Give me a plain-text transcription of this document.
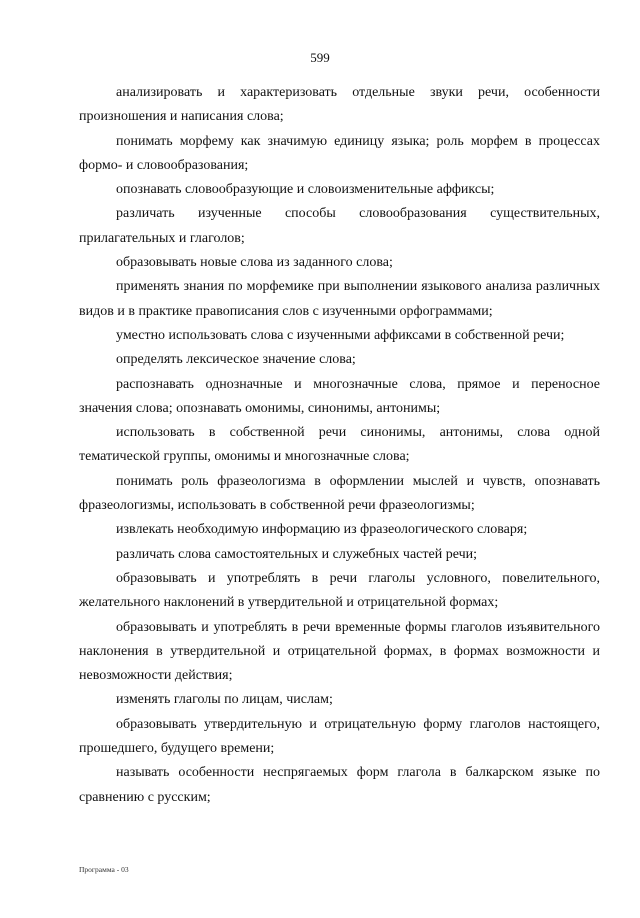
599

анализировать и характеризовать отдельные звуки речи, особенности произношения и написания слова;

понимать морфему как значимую единицу языка; роль морфем в процессах формо- и словообразования;

опознавать словообразующие и словоизменительные аффиксы;

различать изученные способы словообразования существительных, прилагательных и глаголов;

образовывать новые слова из заданного слова;

применять знания по морфемике при выполнении языкового анализа различных видов и в практике правописания слов с изученными орфограммами;

уместно использовать слова с изученными аффиксами в собственной речи;

определять лексическое значение слова;

распознавать однозначные и многозначные слова, прямое и переносное значения слова; опознавать омонимы, синонимы, антонимы;

использовать в собственной речи синонимы, антонимы, слова одной тематической группы, омонимы и многозначные слова;

понимать роль фразеологизма в оформлении мыслей и чувств, опознавать фразеологизмы, использовать в собственной речи фразеологизмы;

извлекать необходимую информацию из фразеологического словаря;

различать слова самостоятельных и служебных частей речи;

образовывать и употреблять в речи глаголы условного, повелительного, желательного наклонений в утвердительной и отрицательной формах;

образовывать и употреблять в речи временные формы глаголов изъявительного наклонения в утвердительной и отрицательной формах, в формах возможности и невозможности действия;

изменять глаголы по лицам, числам;

образовывать утвердительную и отрицательную форму глаголов настоящего, прошедшего, будущего времени;

называть особенности неспрягаемых форм глагола в балкарском языке по сравнению с русским;

Программа - 03
